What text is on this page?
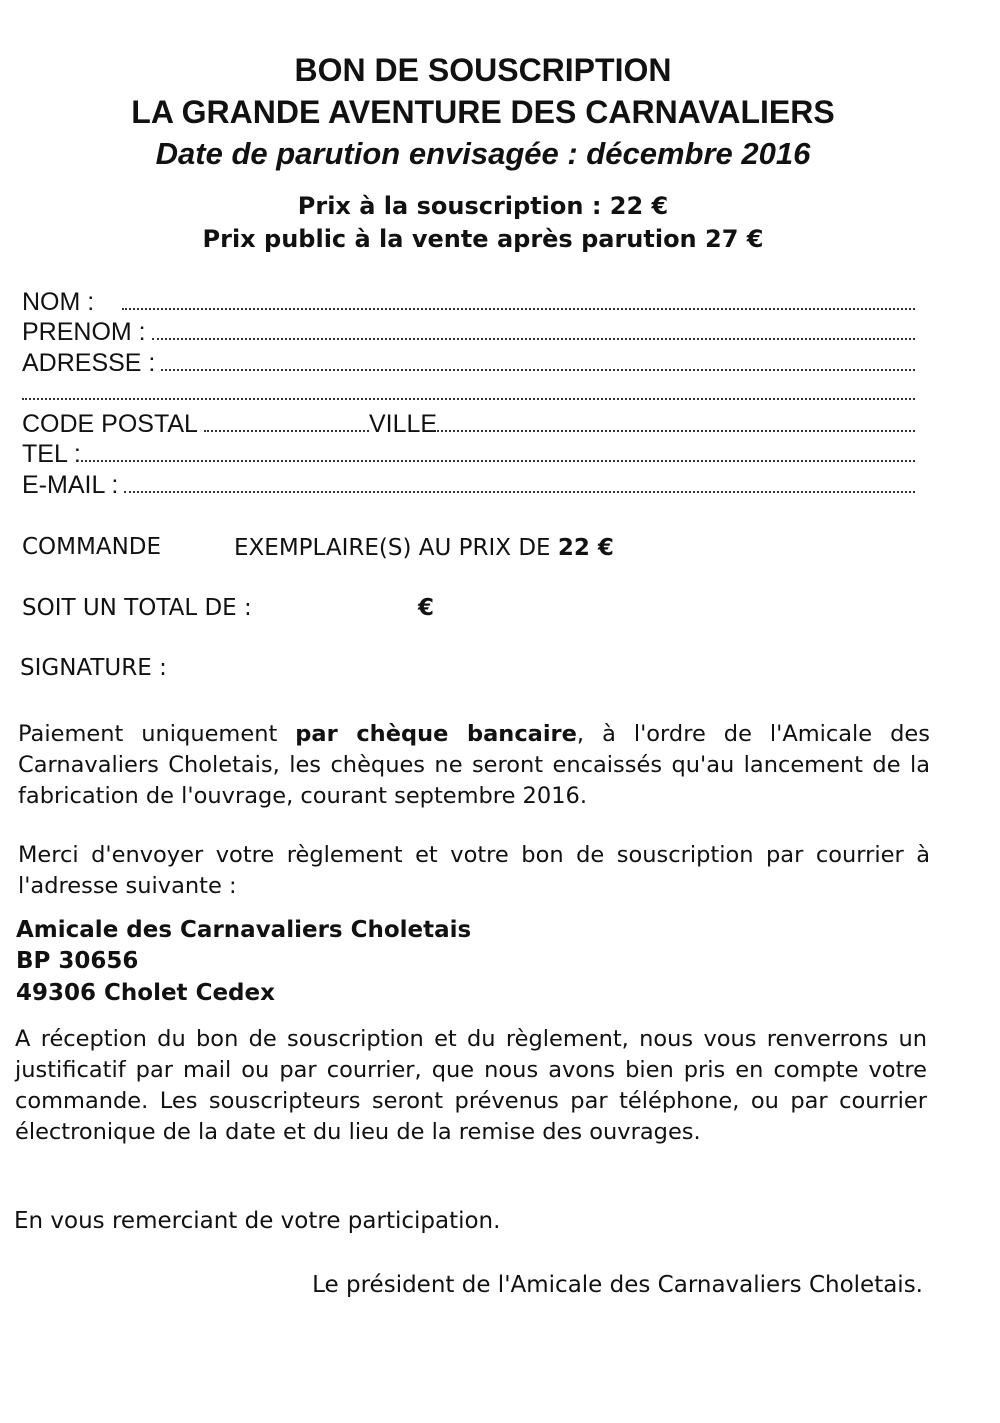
BON DE SOUSCRIPTION
LA GRANDE AVENTURE DES CARNAVALIERS
Date de parution envisagée : décembre 2016
Prix à la souscription : 22 €
Prix public à la vente après parution 27 €
NOM :
PRENOM :
ADRESSE :
CODE POSTAL	VILLE
TEL :
E-MAIL :
COMMANDE	EXEMPLAIRE(S) AU PRIX DE 22 €
SOIT UN TOTAL DE :	€
SIGNATURE :
Paiement uniquement par chèque bancaire, à l'ordre de l'Amicale des Carnavaliers Choletais, les chèques ne seront encaissés qu'au lancement de la fabrication de l'ouvrage, courant septembre 2016.
Merci d'envoyer votre règlement et votre bon de souscription par courrier à l'adresse suivante :
Amicale des Carnavaliers Choletais
BP 30656
49306 Cholet Cedex
A réception du bon de souscription et du règlement, nous vous renverrons un justificatif par mail ou par courrier, que nous avons bien pris en compte votre commande. Les souscripteurs seront prévenus par téléphone, ou par courrier électronique de la date et du lieu de la remise des ouvrages.
En vous remerciant de votre participation.
Le président de l'Amicale des Carnavaliers Choletais.
